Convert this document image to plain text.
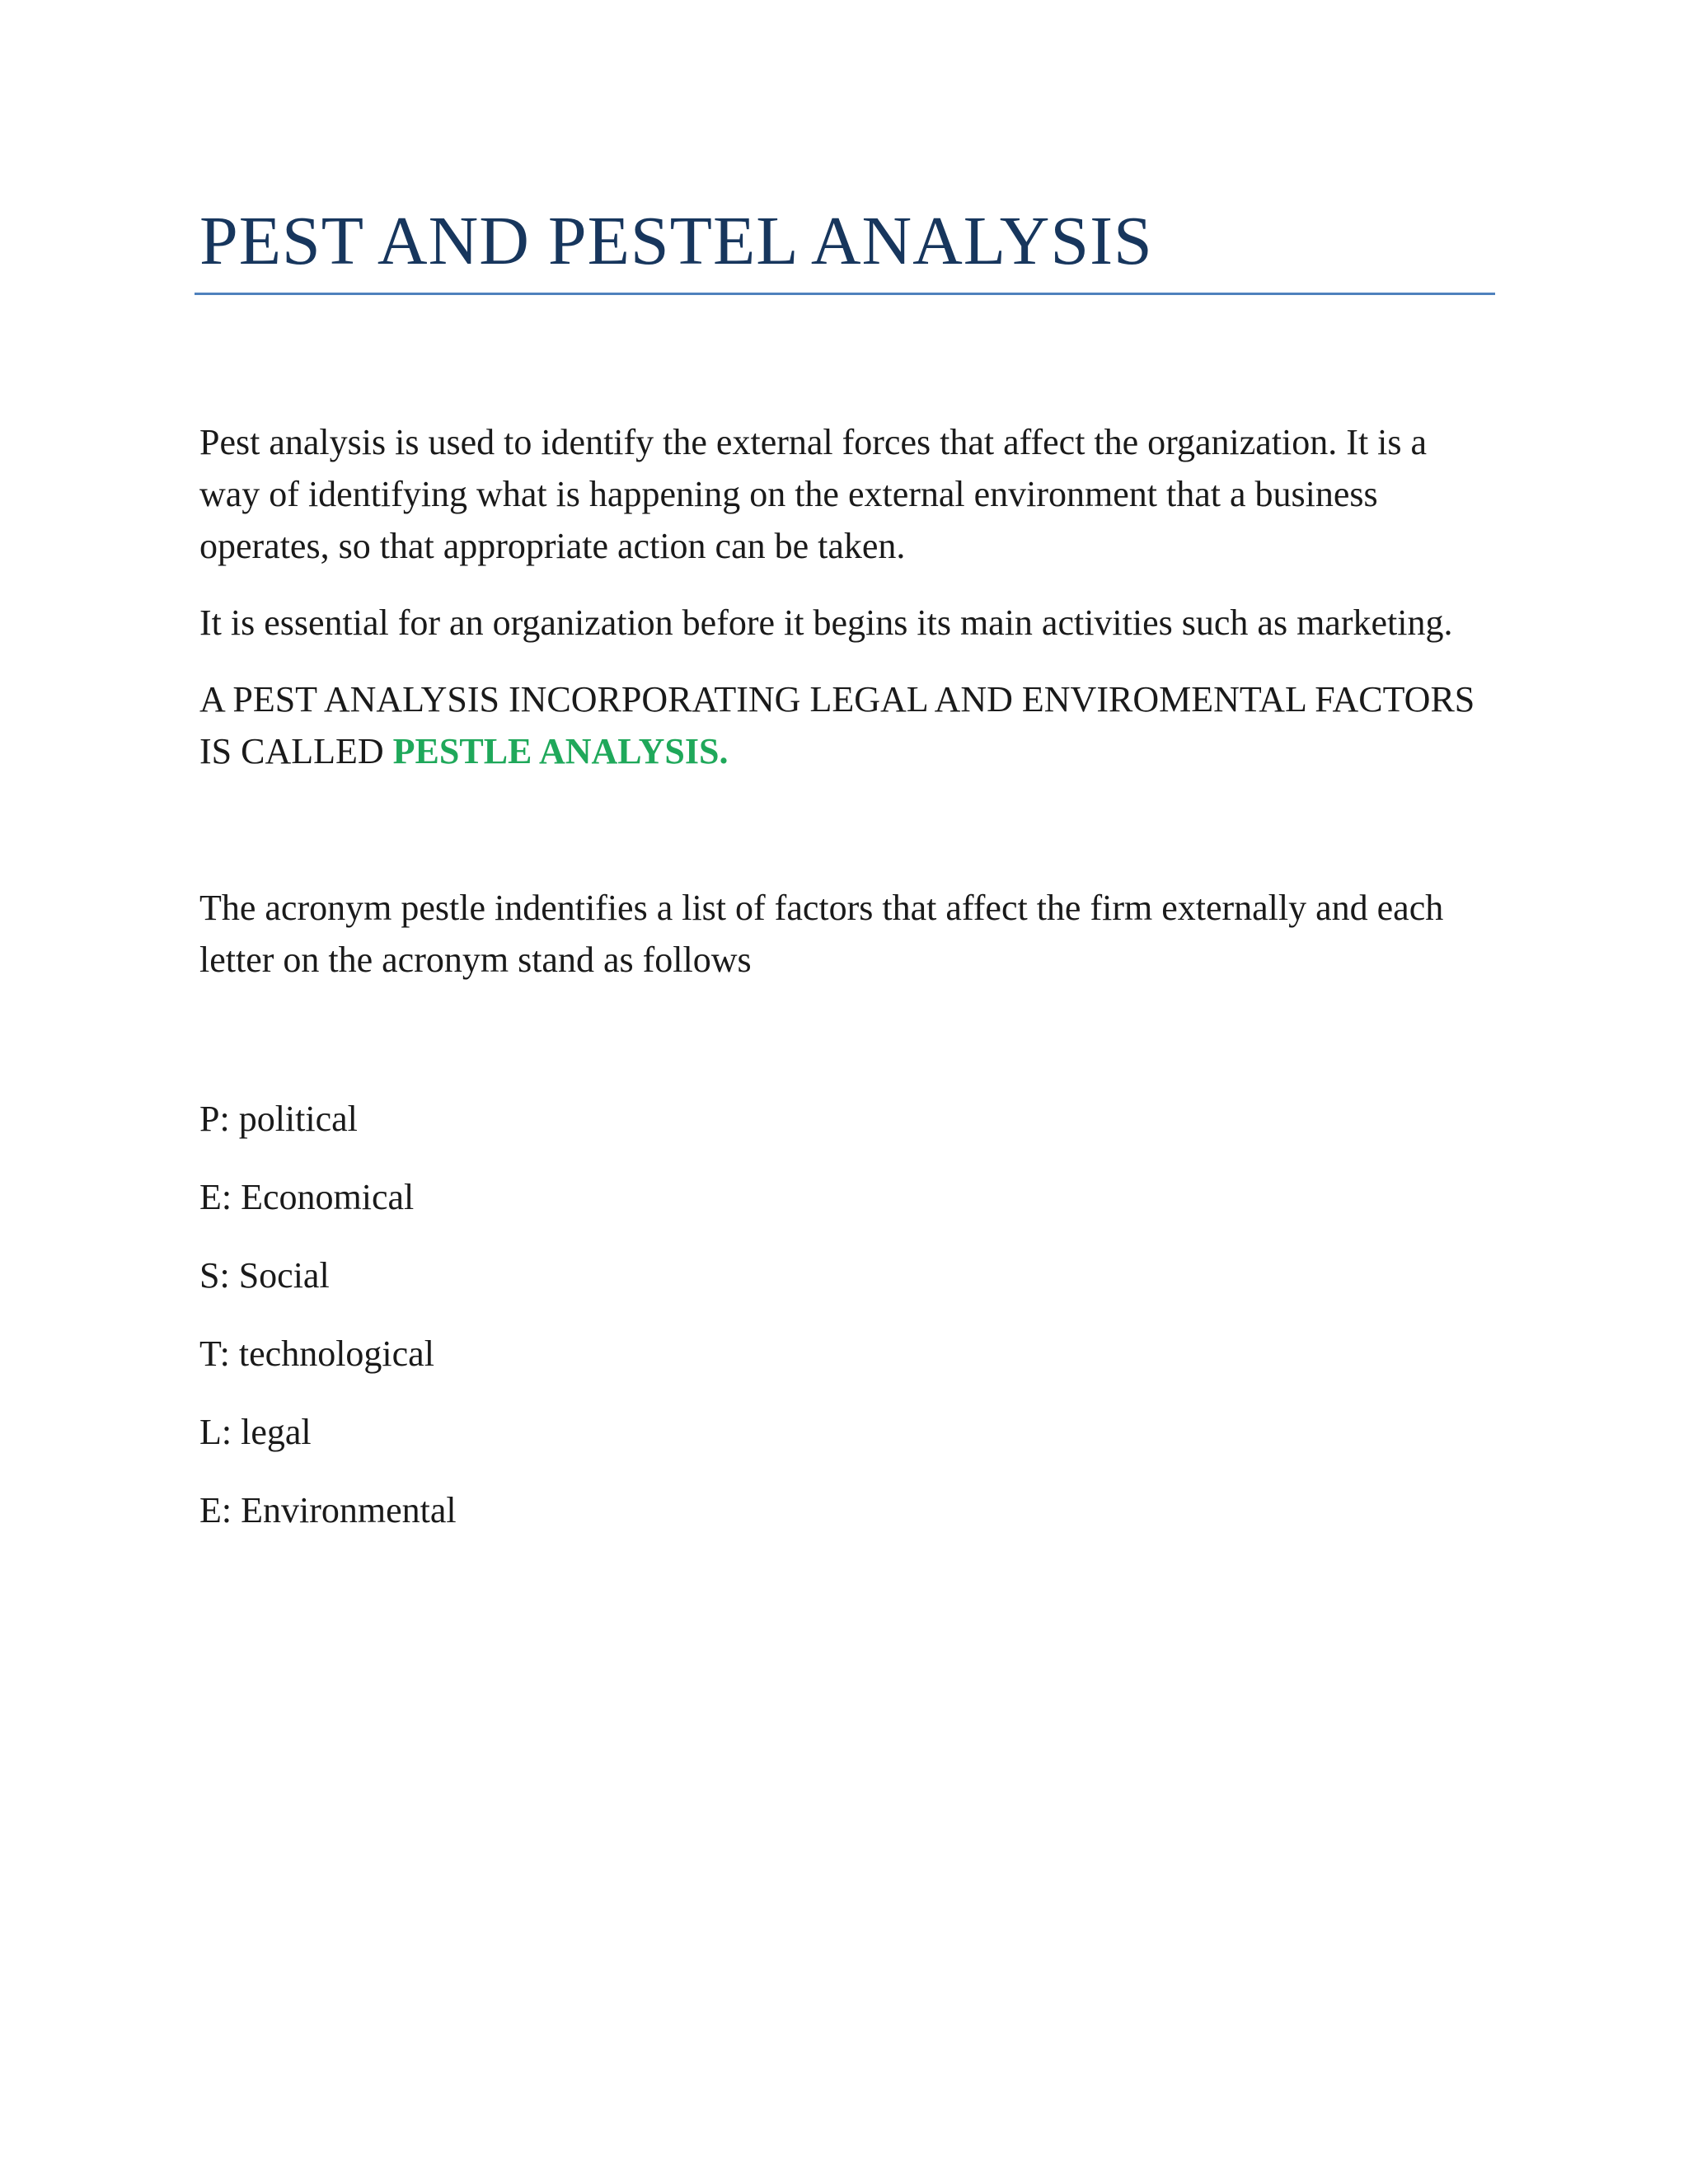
PEST AND PESTEL ANALYSIS

Pest analysis is used to identify the external forces that affect the organization. It is a way of identifying what is happening on the external environment that a business operates, so that appropriate action can be taken.

It is essential for an organization before it begins its main activities such as marketing.

A PEST ANALYSIS INCORPORATING LEGAL AND ENVIROMENTAL FACTORS IS CALLED PESTLE ANALYSIS.

The acronym pestle indentifies a list of factors that affect the firm externally and each letter on the acronym stand as follows

P: political
E: Economical
S: Social
T: technological
L: legal
E: Environmental
